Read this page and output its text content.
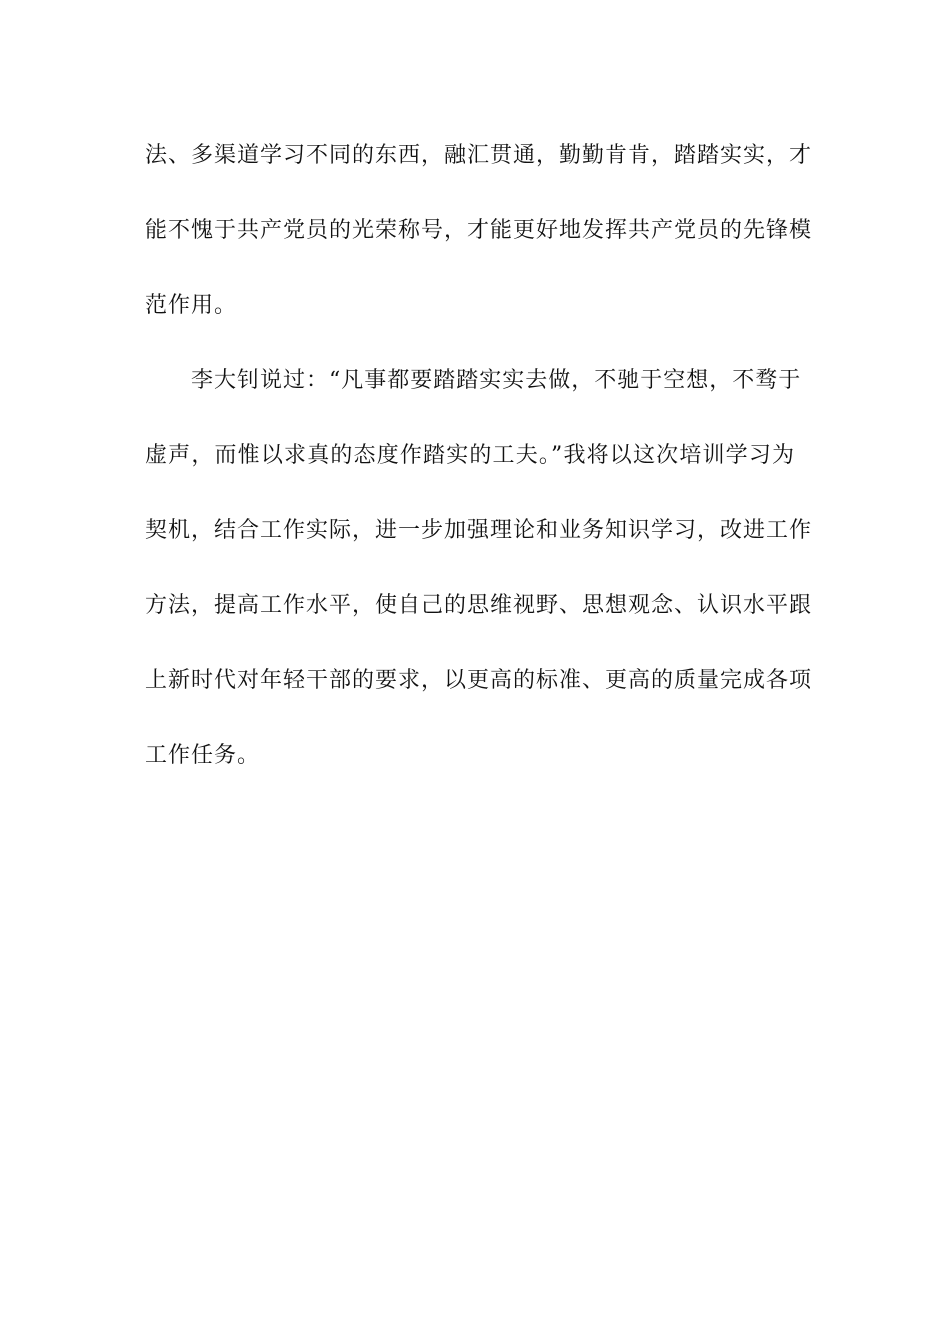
法、多渠道学习不同的东西，融汇贯通，勤勤肯肯，踏踏实实，才
能不愧于共产党员的光荣称号，才能更好地发挥共产党员的先锋模
范作用。
李大钊说过：“凡事都要踏踏实实去做，不驰于空想，不骛于
虚声，而惟以求真的态度作踏实的工夫。”我将以这次培训学习为
契机，结合工作实际，进一步加强理论和业务知识学习，改进工作
方法，提高工作水平，使自己的思维视野、思想观念、认识水平跟
上新时代对年轻干部的要求，以更高的标准、更高的质量完成各项
工作任务。
